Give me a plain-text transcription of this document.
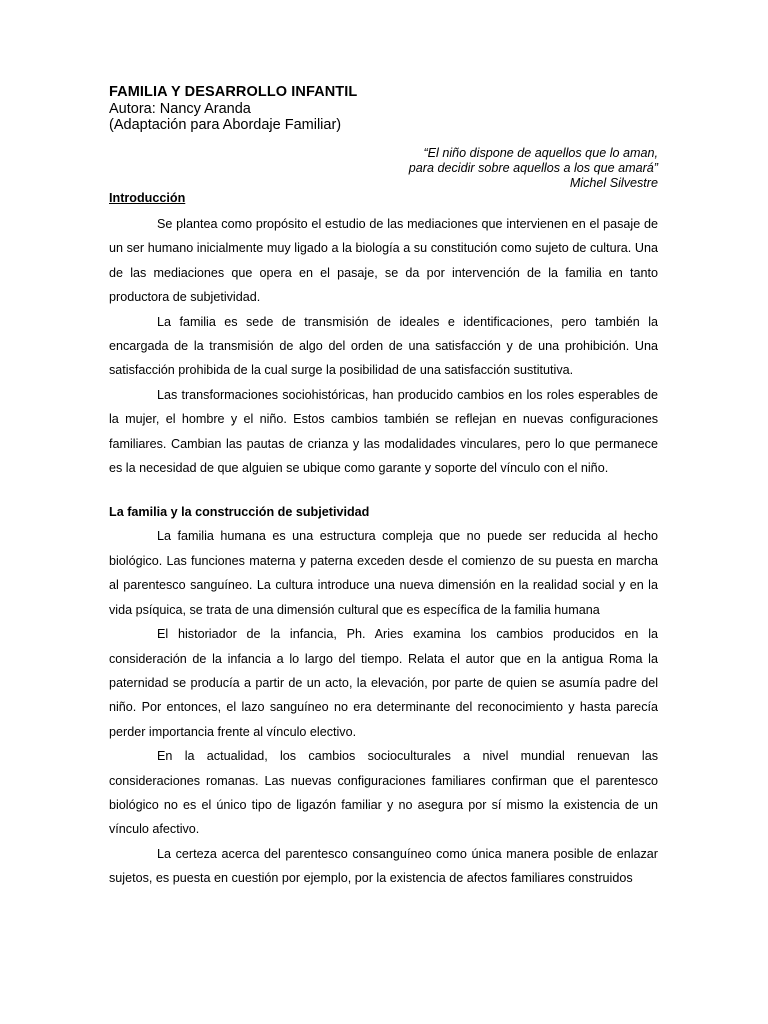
FAMILIA Y DESARROLLO INFANTIL
Autora: Nancy Aranda
(Adaptación para Abordaje Familiar)
“El niño dispone de aquellos que lo aman,
para decidir sobre aquellos a los que amará”
Michel Silvestre
Introducción

Se plantea como propósito el estudio de las mediaciones que intervienen en el pasaje de un ser humano inicialmente muy ligado a la biología a su constitución como sujeto de cultura. Una de las mediaciones que opera en el pasaje, se da por intervención de la familia en tanto productora de subjetividad.

La familia es sede de transmisión de ideales e identificaciones, pero también la encargada de la transmisión de algo del orden de una satisfacción y de una prohibición. Una satisfacción prohibida de la cual surge la posibilidad de una satisfacción sustitutiva.

Las transformaciones sociohistóricas, han producido cambios en los roles esperables de la mujer, el hombre y el niño. Estos cambios también se reflejan en nuevas configuraciones familiares. Cambian las pautas de crianza y las modalidades vinculares, pero lo que permanece es la necesidad de que alguien se ubique como garante y soporte del vínculo con el niño.

La familia y la construcción de subjetividad

La familia humana es una estructura compleja que no puede ser reducida al hecho biológico. Las funciones materna y paterna exceden desde el comienzo de su puesta en marcha al parentesco sanguíneo. La cultura introduce una nueva dimensión en la realidad social y en la vida psíquica, se trata de una dimensión cultural que es específica de la familia humana

El historiador de la infancia, Ph. Aries examina los cambios producidos en la consideración de la infancia a lo largo del tiempo. Relata el autor que en la antigua Roma la paternidad se producía a partir de un acto, la elevación, por parte de quien se asumía padre del niño. Por entonces, el lazo sanguíneo no era determinante del reconocimiento y hasta parecía perder importancia frente al vínculo electivo.

En la actualidad, los cambios socioculturales a nivel mundial renuevan las consideraciones romanas. Las nuevas configuraciones familiares confirman que el parentesco biológico no es el único tipo de ligazón familiar y no asegura por sí mismo la existencia de un vínculo afectivo.

La certeza acerca del parentesco consanguíneo como única manera posible de enlazar sujetos, es puesta en cuestión por ejemplo, por la existencia de afectos familiares construidos
